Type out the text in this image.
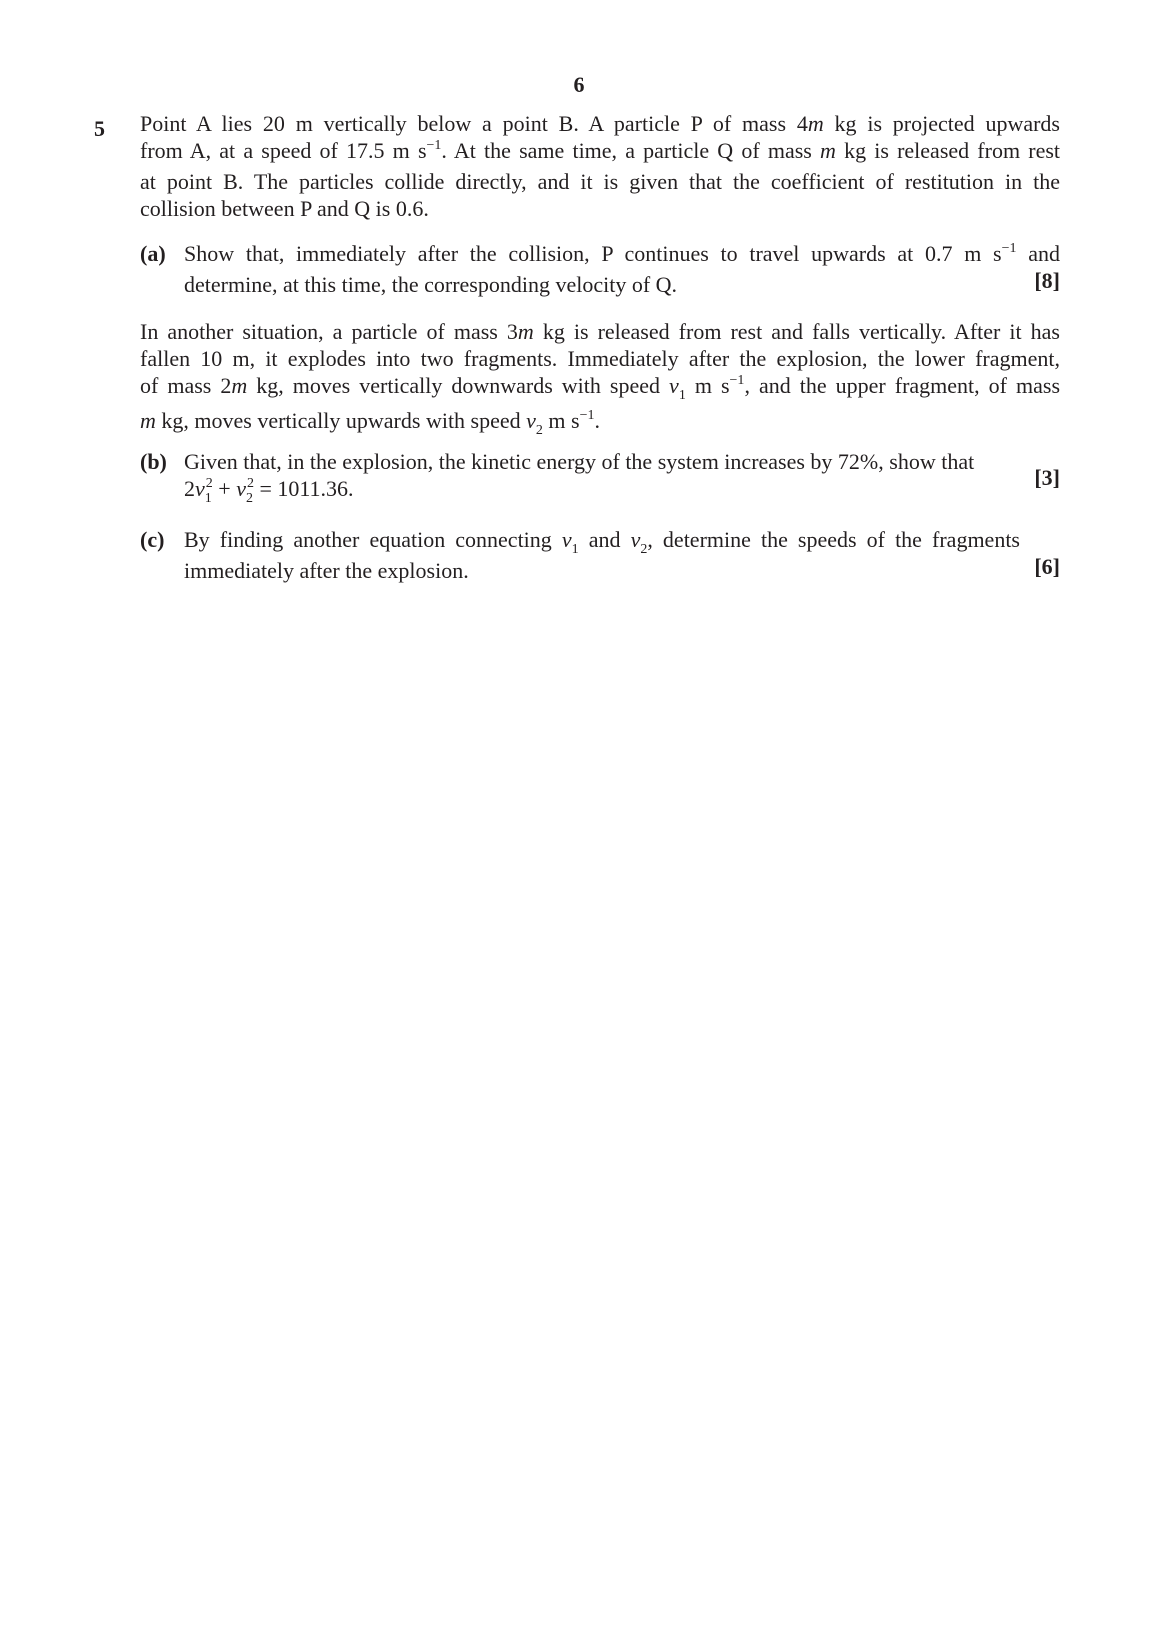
6
5 Point A lies 20 m vertically below a point B. A particle P of mass 4m kg is projected upwards
from A, at a speed of 17.5 m $s^{-1}$. At the same time, a particle Q of mass m kg is released from rest
at point B. The particles collide directly, and it is given that the coefficient of restitution in the
collision between P and Q is 0.6.
(a) Show that, immediately after the collision, P continues to travel upwards at 0.7 m $s^{-1}$ and
determine, at this time, the corresponding velocity of Q.	[8]
In another situation, a particle of mass 3m kg is released from rest and falls vertically. After it has
fallen 10 m, it explodes into two fragments. Immediately after the explosion, the lower fragment,
of mass 2m kg, moves vertically downwards with speed $v_1$ m $s^{-1}$, and the upper fragment, of mass
m kg, moves vertically upwards with speed $v_2$ m $s^{-1}$.
(b) Given that, in the explosion, the kinetic energy of the system increases by 72%, show that
$2v_1^2 + v_2^2 = 1011.36$.	[3]
(c) By finding another equation connecting $v_1$ and $v_2$, determine the speeds of the fragments
immediately after the explosion.	[6]
